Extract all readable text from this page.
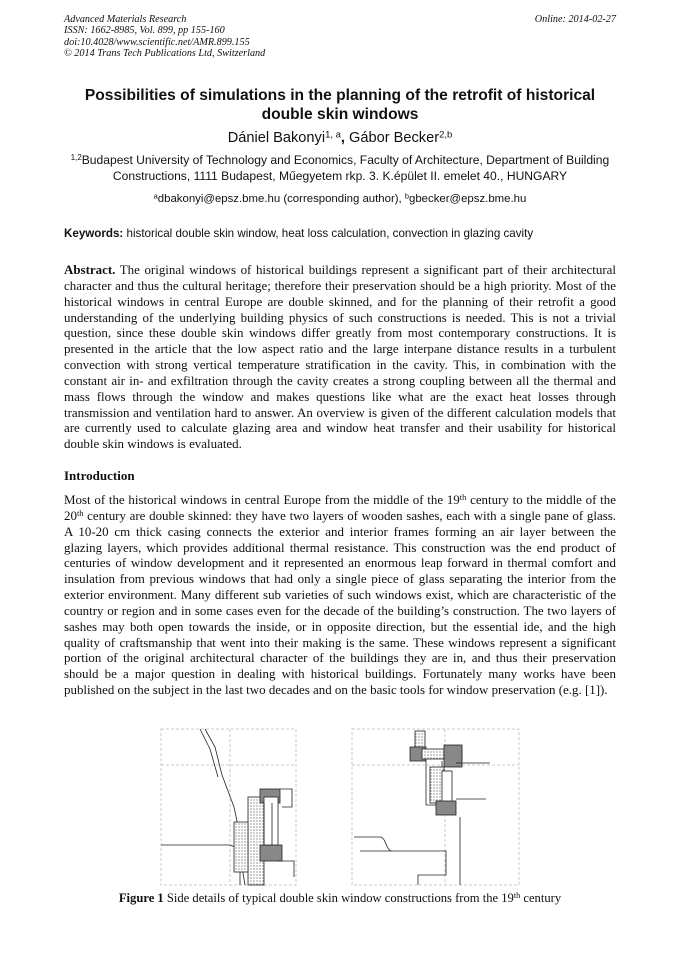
Advanced Materials Research
ISSN: 1662-8985, Vol. 899, pp 155-160
doi:10.4028/www.scientific.net/AMR.899.155
© 2014 Trans Tech Publications Ltd, Switzerland
Online: 2014-02-27
Possibilities of simulations in the planning of the retrofit of historical double skin windows
Dániel Bakonyi$^{1, a}$, Gábor Becker$^{2,b}$
$^{1,2}$Budapest University of Technology and Economics, Faculty of Architecture, Department of Building Constructions, 1111 Budapest, Műegyetem rkp. 3. K.épület II. emelet 40., HUNGARY
$^a$dbakonyi@epsz.bme.hu (corresponding author), $^b$gbecker@epsz.bme.hu
Keywords: historical double skin window, heat loss calculation, convection in glazing cavity

Abstract. The original windows of historical buildings represent a significant part of their architectural character and thus the cultural heritage; therefore their preservation should be a high priority. Most of the historical windows in central Europe are double skinned, and for the planning of their retrofit a good understanding of the underlying building physics of such constructions is needed. This is not a trivial question, since these double skin windows differ greatly from most contemporary constructions. It is presented in the article that the low aspect ratio and the large interpane distance results in a turbulent convection with strong vertical temperature stratification in the cavity. This, in combination with the constant air in- and exfiltration through the cavity creates a strong coupling between all the thermal and mass flows through the window and makes questions like what are the exact heat losses through transmission and ventilation hard to answer. An overview is given of the different calculation models that are currently used to calculate glazing area and window heat transfer and their usability for historical double skin windows is evaluated.

Introduction

Most of the historical windows in central Europe from the middle of the 19th century to the middle of the 20th century are double skinned: they have two layers of wooden sashes, each with a single pane of glass. A 10-20 cm thick casing connects the exterior and interior frames forming an air layer between the glazing layers, which provides additional thermal resistance. This construction was the end product of centuries of window development and it represented an enormous leap forward in thermal comfort and insulation from previous windows that had only a single piece of glass separating the interior from the exterior environment. Many different sub varieties of such windows exist, which are characteristic of the country or region and in some cases even for the decade of the building’s construction. The two layers of sashes may both open towards the inside, or in opposite direction, but the essential ide, and the high quality of craftsmanship that went into their making is the same. These windows represent a significant portion of the original architectural character of the buildings they are in, and thus their preservation should be a major question in dealing with historical buildings. Fortunately many works have been published on the subject in the last two decades and on the basic tools for window preservation (e.g. [1]).

Figure 1 Side details of typical double skin window constructions from the 19th century
